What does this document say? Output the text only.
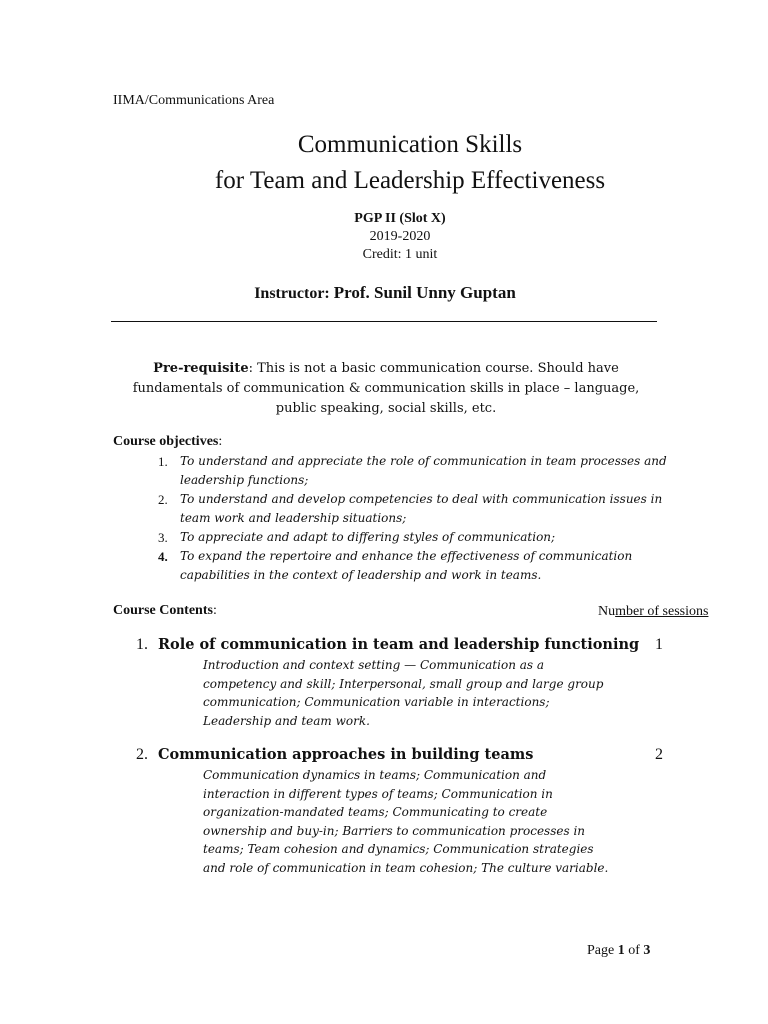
IIMA/Communications Area
Communication Skills
for Team and Leadership Effectiveness
PGP II (Slot X)
2019-2020
Credit: 1 unit
Instructor: Prof. Sunil Unny Guptan
Pre-requisite: This is not a basic communication course. Should have fundamentals of communication & communication skills in place – language, public speaking, social skills, etc.
Course objectives:
1. To understand and appreciate the role of communication in team processes and leadership functions;
2. To understand and develop competencies to deal with communication issues in team work and leadership situations;
3. To appreciate and adapt to differing styles of communication;
4. To expand the repertoire and enhance the effectiveness of communication capabilities in the context of leadership and work in teams.
Course Contents:	Number of sessions
1. Role of communication in team and leadership functioning 1
Introduction and context setting — Communication as a
competency and skill; Interpersonal, small group and large group
communication; Communication variable in interactions;
Leadership and team work.
2. Communication approaches in building teams	2
Communication dynamics in teams; Communication and
interaction in different types of teams; Communication in
organization-mandated teams; Communicating to create
ownership and buy-in; Barriers to communication processes in
teams; Team cohesion and dynamics; Communication strategies
and role of communication in team cohesion; The culture variable.
Page 1 of 3
